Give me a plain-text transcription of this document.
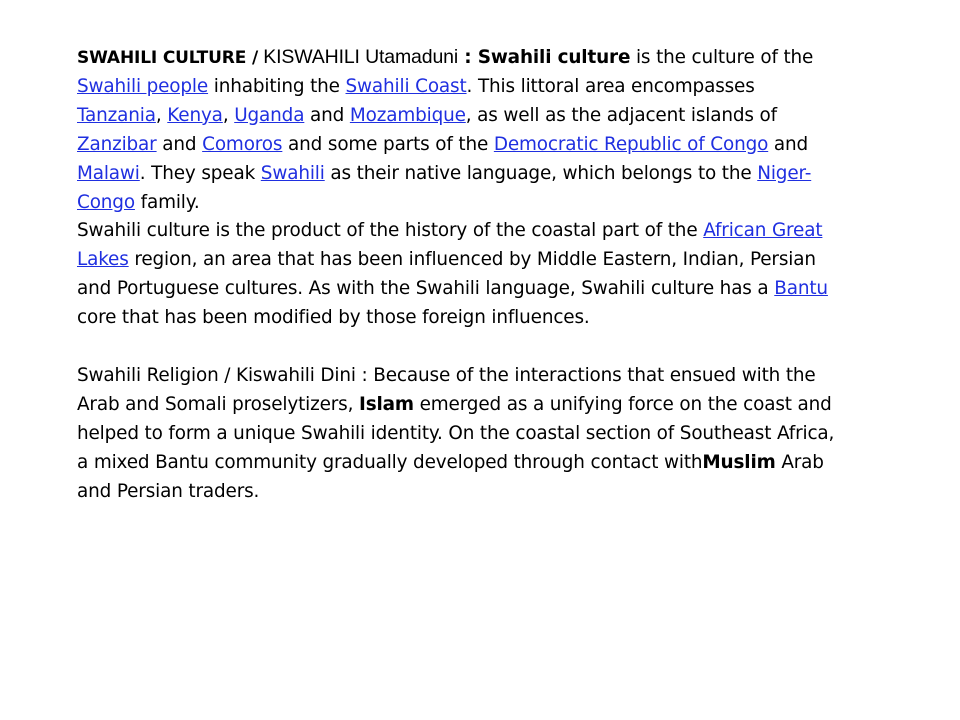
SWAHILI CULTURE / KISWAHILI Utamaduni : Swahili culture is the culture of the Swahili people inhabiting the Swahili Coast. This littoral area encompasses Tanzania, Kenya, Uganda and Mozambique, as well as the adjacent islands of Zanzibar and Comoros and some parts of the Democratic Republic of Congo and Malawi. They speak Swahili as their native language, which belongs to the Niger-Congo family.

Swahili culture is the product of the history of the coastal part of the African Great Lakes region, an area that has been influenced by Middle Eastern, Indian, Persian and Portuguese cultures. As with the Swahili language, Swahili culture has a Bantu core that has been modified by those foreign influences.

Swahili Religion / Kiswahili Dini : Because of the interactions that ensued with the Arab and Somali proselytizers, Islam emerged as a unifying force on the coast and helped to form a unique Swahili identity. On the coastal section of Southeast Africa, a mixed Bantu community gradually developed through contact withMuslim Arab and Persian traders.
